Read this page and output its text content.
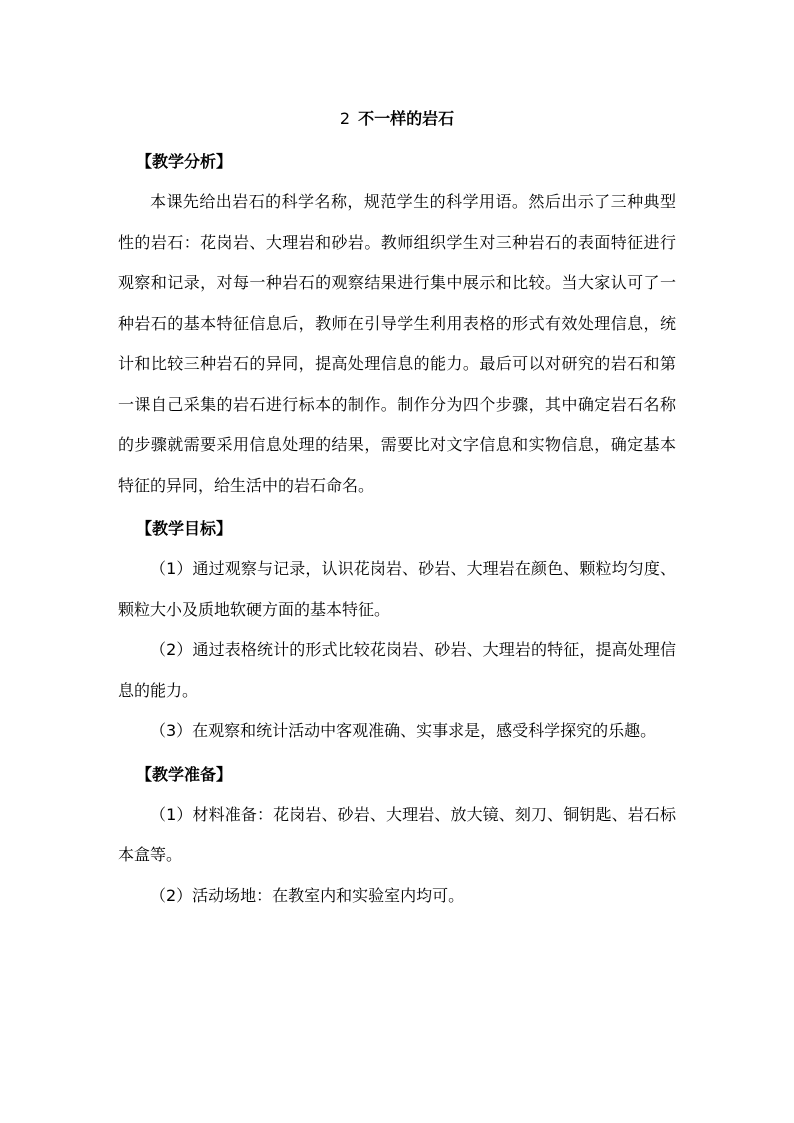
2 不一样的岩石

【教学分析】

本课先给出岩石的科学名称，规范学生的科学用语。然后出示了三种典型性的岩石：花岗岩、大理岩和砂岩。教师组织学生对三种岩石的表面特征进行观察和记录，对每一种岩石的观察结果进行集中展示和比较。当大家认可了一种岩石的基本特征信息后，教师在引导学生利用表格的形式有效处理信息，统计和比较三种岩石的异同，提高处理信息的能力。最后可以对研究的岩石和第一课自己采集的岩石进行标本的制作。制作分为四个步骤，其中确定岩石名称的步骤就需要采用信息处理的结果，需要比对文字信息和实物信息，确定基本特征的异同，给生活中的岩石命名。

【教学目标】

（1）通过观察与记录，认识花岗岩、砂岩、大理岩在颜色、颗粒均匀度、颗粒大小及质地软硬方面的基本特征。

（2）通过表格统计的形式比较花岗岩、砂岩、大理岩的特征，提高处理信息的能力。

（3）在观察和统计活动中客观准确、实事求是，感受科学探究的乐趣。

【教学准备】

（1）材料准备：花岗岩、砂岩、大理岩、放大镜、刻刀、铜钥匙、岩石标本盒等。

（2）活动场地：在教室内和实验室内均可。
